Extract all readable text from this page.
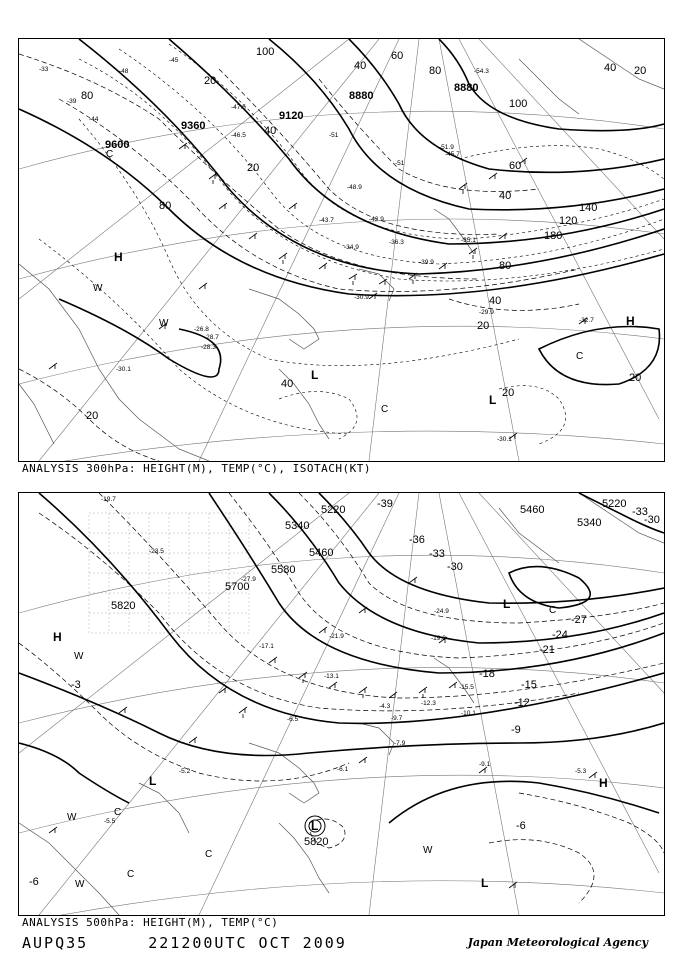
9600
9360
9120
8880
8880
100
80
40
20
80
20
40
60
80
100
40 20
60
120
140
180
80
40
20
40
20
20
40
20
-33	-48
-39
-44
-45
-47.5
-46.5	-51
-51
-54.3
-51.9
-45.7
-48.9
-43.7	-42.9
-34.9
-36.3	-35.1
-39.9
-30.9
-29.9
-26.8
-28.7
-28.3
-30.1
-32.7
-30.1
H
H
L
L
W
W
C
C
C
ANALYSIS 300hPa: HEIGHT(M), TEMP(°C), ISOTACH(KT)
5820
5700
5580
5460
5340
5220	5460
5340
5220
5820
-39
-36
-33
-30
-33
-30
-27
-24
-21
-18
-15
-12
-9
-6
-3
-6
-19.7
-23.5
-27.9
-21.9
-24.9
-17.1
-19.0
-13.1
-15.5
-12.3
-10.1
-9.7
-7.9
-6.5
-4.3
-5.2
-5.5
-6.1
-9.1
-5.3
H
L
L
L
L
H
W
W
W
W
C
C
C
C
ANALYSIS 500hPa: HEIGHT(M), TEMP(°C)
AUPQ35	221200UTC OCT 2009	Japan Meteorological Agency
